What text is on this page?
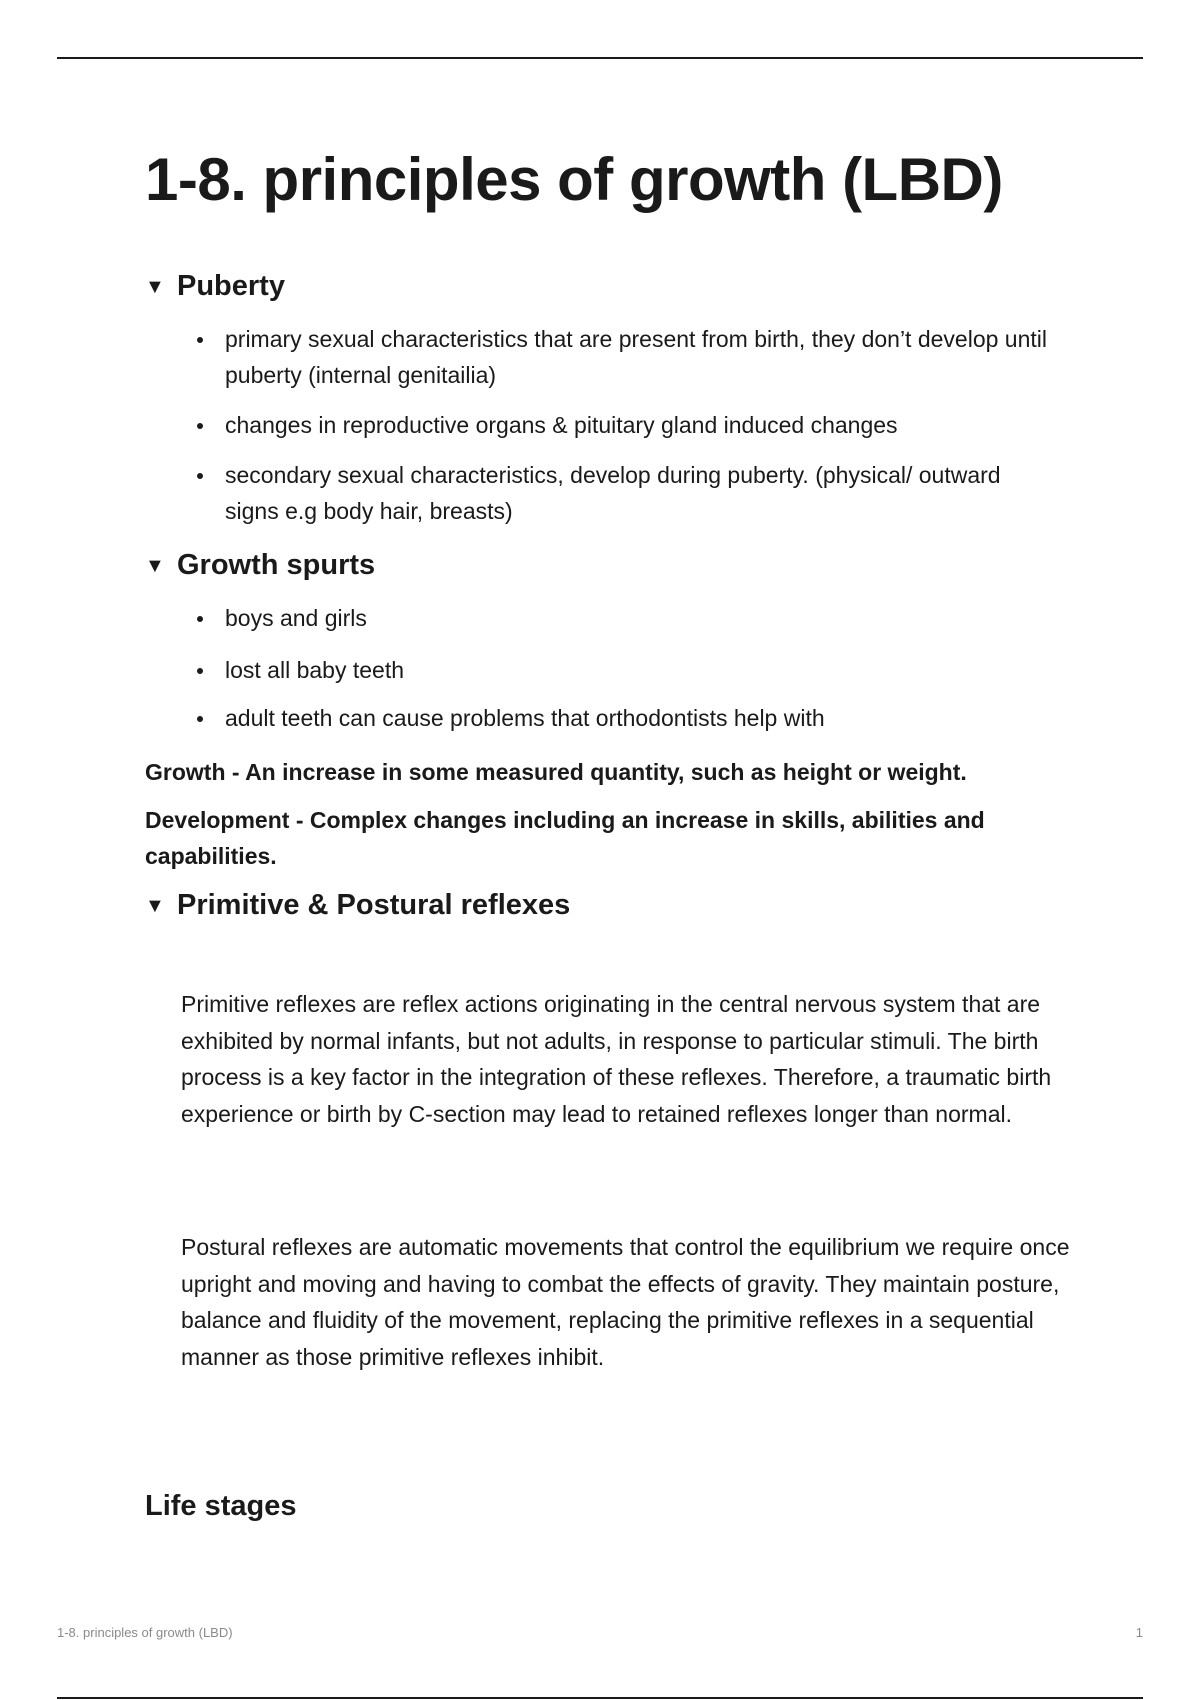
1-8. principles of growth (LBD)
▼ Puberty
primary sexual characteristics that are present from birth, they don’t develop until puberty (internal genitailia)
changes in reproductive organs & pituitary gland induced changes
secondary sexual characteristics, develop during puberty. (physical/ outward signs e.g body hair, breasts)
▼ Growth spurts
boys and girls
lost all baby teeth
adult teeth can cause problems that orthodontists help with

Growth - An increase in some measured quantity, such as height or weight.

Development - Complex changes including an increase in skills, abilities and capabilities.

▼ Primitive & Postural reflexes

Primitive reflexes are reflex actions originating in the central nervous system that are exhibited by normal infants, but not adults, in response to particular stimuli. The birth process is a key factor in the integration of these reflexes. Therefore, a traumatic birth experience or birth by C-section may lead to retained reflexes longer than normal.

Postural reflexes are automatic movements that control the equilibrium we require once upright and moving and having to combat the effects of gravity. They maintain posture, balance and fluidity of the movement, replacing the primitive reflexes in a sequential manner as those primitive reflexes inhibit.

Life stages
1-8. principles of growth (LBD)	1
